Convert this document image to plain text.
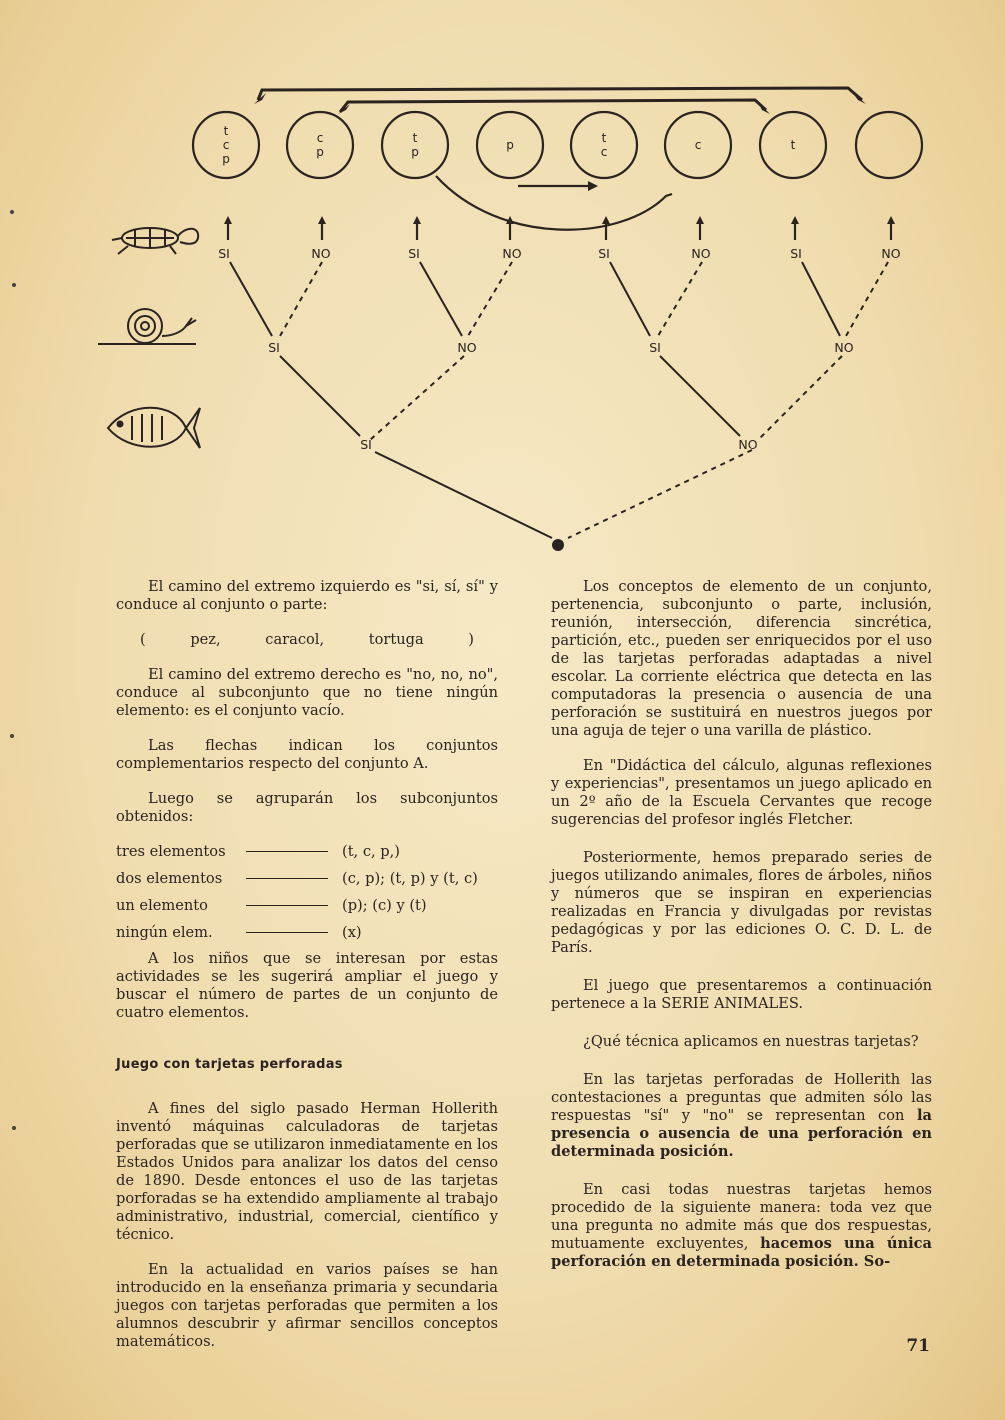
t
c
p
c
p
t
p	p	t
c	c	t
SI	NO	SI	NO	SI	NO	SI	NO
SI	NO	SI	NO
SI	NO

El camino del extremo izquierdo es "si, sí, sí" y conduce al conjunto o parte:

(	pez,	caracol,	tortuga	)

El camino del extremo derecho es "no, no, no", conduce al subconjunto que no tiene ningún elemento: es el conjunto vacío.

Las flechas indican los conjuntos complementarios respecto del conjunto A.

Luego se agruparán los subconjuntos obtenidos:

tres elementos	(t, c, p,)
dos elementos	(c, p); (t, p) y (t, c)
un elemento	(p); (c) y (t)
ningún elem.	(x)

A los niños que se interesan por estas actividades se les sugerirá ampliar el juego y buscar el número de partes de un conjunto de cuatro elementos.

Juego con tarjetas perforadas

A fines del siglo pasado Herman Hollerith inventó máquinas calculadoras de tarjetas perforadas que se utilizaron inmediatamente en los Estados Unidos para analizar los datos del censo de 1890. Desde entonces el uso de las tarjetas porforadas se ha extendido ampliamente al trabajo administrativo, industrial, comercial, científico y técnico.

En la actualidad en varios países se han introducido en la enseñanza primaria y secundaria juegos con tarjetas perforadas que permiten a los alumnos descubrir y afirmar sencillos conceptos matemáticos.

Los conceptos de elemento de un conjunto, pertenencia, subconjunto o parte, inclusión, reunión, intersección, diferencia sincrética, partición, etc., pueden ser enriquecidos por el uso de las tarjetas perforadas adaptadas a nivel escolar. La corriente eléctrica que detecta en las computadoras la presencia o ausencia de una perforación se sustituirá en nuestros juegos por una aguja de tejer o una varilla de plástico.

En "Didáctica del cálculo, algunas reflexiones y experiencias", presentamos un juego aplicado en un 2º año de la Escuela Cervantes que recoge sugerencias del profesor inglés Fletcher.

Posteriormente, hemos preparado series de juegos utilizando animales, flores de árboles, niños y números que se inspiran en experiencias realizadas en Francia y divulgadas por revistas pedagógicas y por las ediciones O. C. D. L. de París.

El juego que presentaremos a continuación pertenece a la SERIE ANIMALES.

¿Qué técnica aplicamos en nuestras tarjetas?

En las tarjetas perforadas de Hollerith las contestaciones a preguntas que admiten sólo las respuestas "sí" y "no" se representan con la presencia o ausencia de una perforación en determinada posición.

En casi todas nuestras tarjetas hemos procedido de la siguiente manera: toda vez que una pregunta no admite más que dos respuestas, mutuamente excluyentes, hacemos una única perforación en determinada posición. So-

71
